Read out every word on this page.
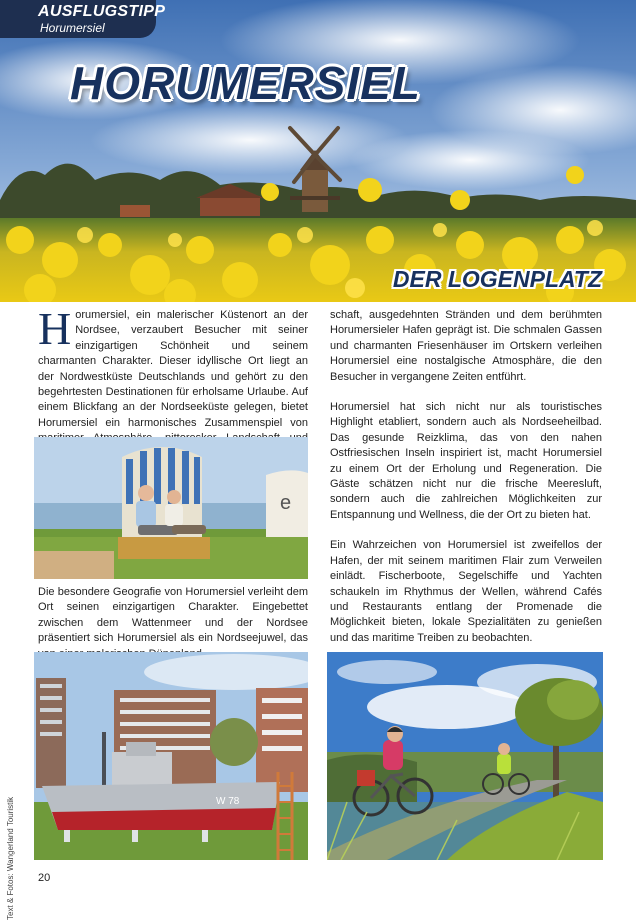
AUSFLUGSTIPP
Horumersiel
HORUMERSIEL
DER LOGENPLATZ

Horumersiel, ein malerischer Küstenort an der Nordsee, verzaubert Besucher mit seiner einzigartigen Schönheit und seinem charmanten Charakter. Dieser idyllische Ort liegt an der Nordwestküste Deutschlands und gehört zu den begehrtesten Destinationen für erholsame Urlaube. Auf einem Blickfang an der Nordseeküste gelegen, bietet Horumersiel ein harmonisches Zusammenspiel von

e

Die besondere Geografie von Horumersiel verleiht dem Ort seinen einzigartigen Charakter. Eingebettet zwischen dem Wattenmeer und der Nordsee präsentiert sich Horumersiel als ein Nordseejuwel, das

schaft, ausgedehnten Stränden und dem berühmten Horumersieler Hafen geprägt ist. Die schmalen Gassen und charmanten Friesenhäuser im Ortskern verleihen Horumersiel eine nostalgische Atmosphäre, die den Besucher in vergangene Zeiten entführt.

Horumersiel hat sich nicht nur als touristisches Highlight etabliert, sondern auch als Nordseeheilbad. Das gesunde Reizklima, das von den nahen Ostfriesischen Inseln inspiriert ist, macht Horumersiel zu einem Ort der Erholung und Regeneration. Die Gäste schätzen nicht nur die frische Meeresluft, sondern auch die zahlreichen Möglichkeiten zur Entspannung und Wellness, die der Ort zu bieten hat.

Ein Wahrzeichen von Horumersiel ist zweifellos der Hafen, der mit seinem maritimen Flair zum Verweilen einlädt. Fischerboote, Segelschiffe und Yachten schaukeln im Rhythmus der Wellen, während Cafés und Restaurants entlang der Promenade die Möglichkeit bieten, lokale Spezialitäten zu genießen und das maritime Treiben zu beobachten.

W 78
Text & Fotos: Wangerland Touristik 20
